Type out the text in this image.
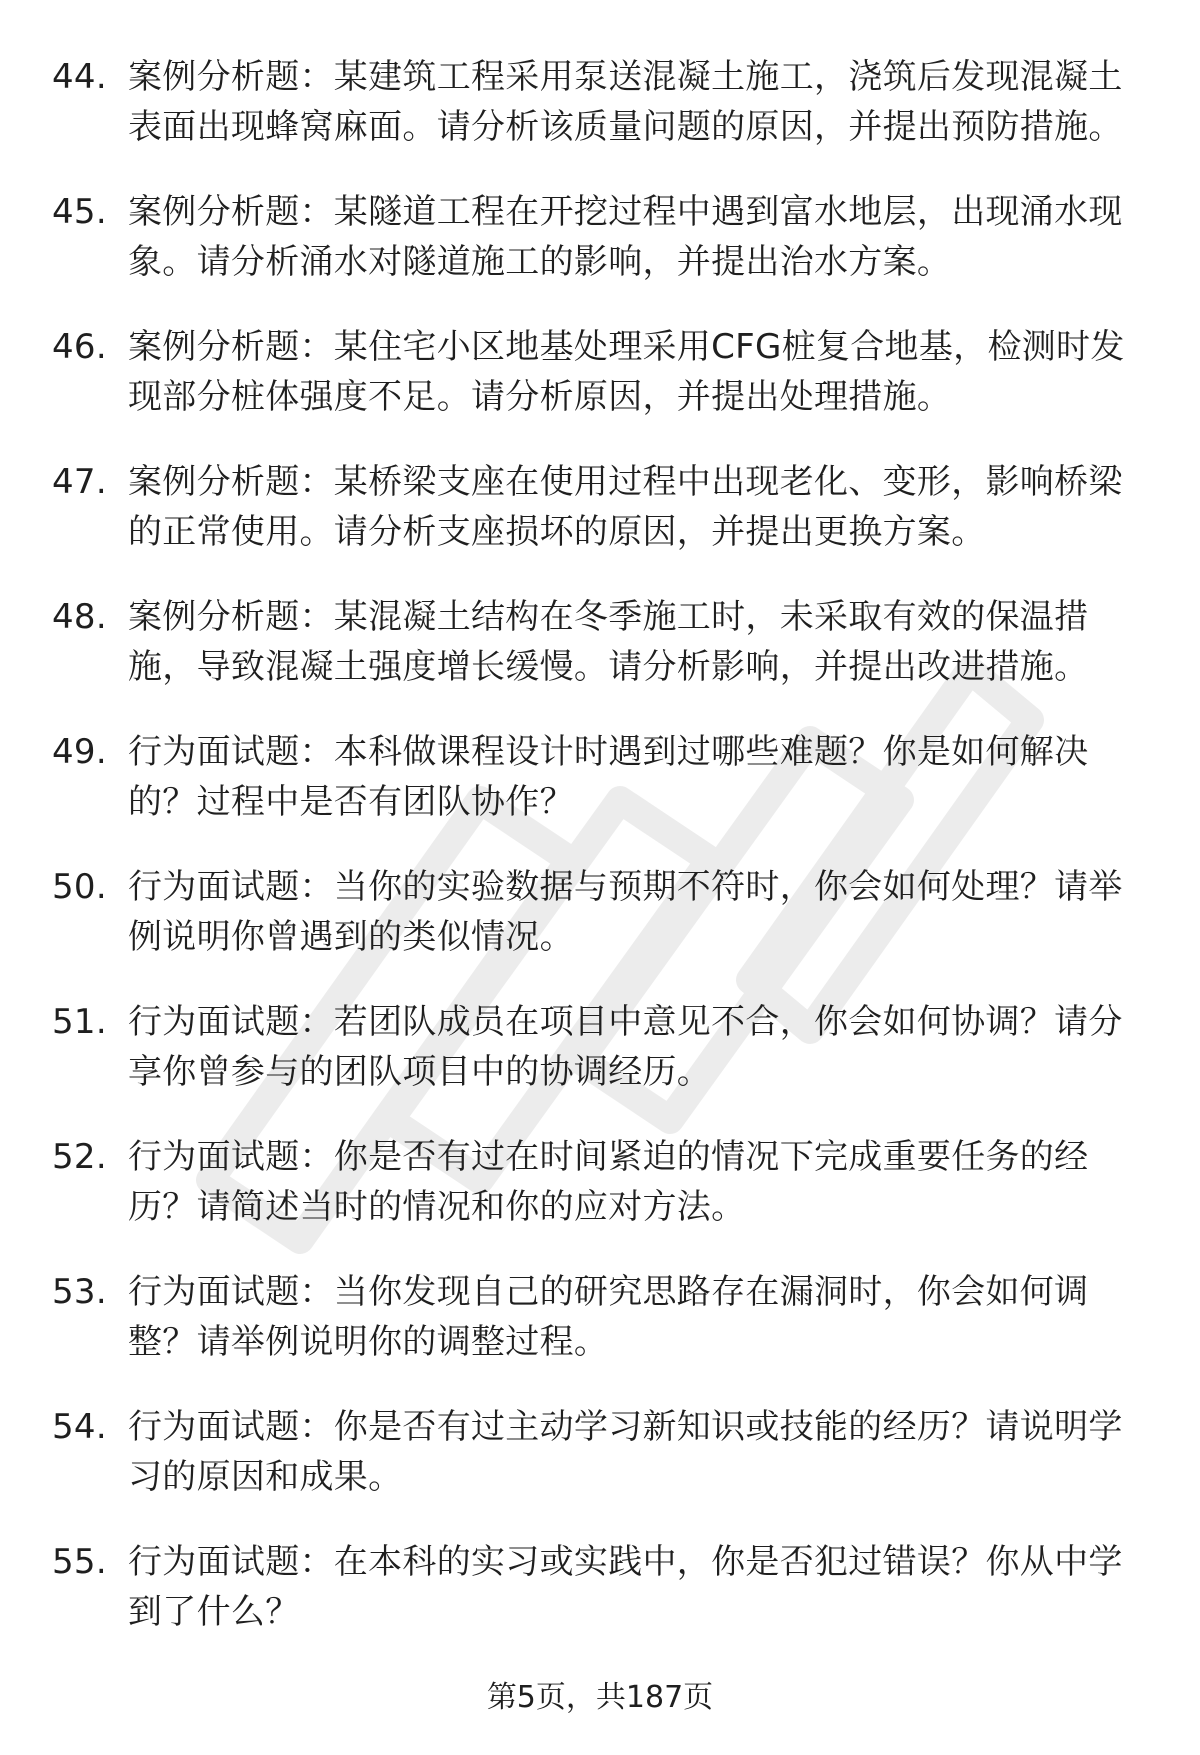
44. 案例分析题：某建筑工程采用泵送混凝土施工，浇筑后发现混凝土表面出现蜂窝麻面。请分析该质量问题的原因，并提出预防措施。
45. 案例分析题：某隧道工程在开挖过程中遇到富水地层，出现涌水现象。请分析涌水对隧道施工的影响，并提出治水方案。
46. 案例分析题：某住宅小区地基处理采用CFG桩复合地基，检测时发现部分桩体强度不足。请分析原因，并提出处理措施。
47. 案例分析题：某桥梁支座在使用过程中出现老化、变形，影响桥梁的正常使用。请分析支座损坏的原因，并提出更换方案。
48. 案例分析题：某混凝土结构在冬季施工时，未采取有效的保温措施，导致混凝土强度增长缓慢。请分析影响，并提出改进措施。
49. 行为面试题：本科做课程设计时遇到过哪些难题？你是如何解决的？过程中是否有团队协作？
50. 行为面试题：当你的实验数据与预期不符时，你会如何处理？请举例说明你曾遇到的类似情况。
51. 行为面试题：若团队成员在项目中意见不合，你会如何协调？请分享你曾参与的团队项目中的协调经历。
52. 行为面试题：你是否有过在时间紧迫的情况下完成重要任务的经历？请简述当时的情况和你的应对方法。
53. 行为面试题：当你发现自己的研究思路存在漏洞时，你会如何调整？请举例说明你的调整过程。
54. 行为面试题：你是否有过主动学习新知识或技能的经历？请说明学习的原因和成果。
55. 行为面试题：在本科的实习或实践中，你是否犯过错误？你从中学到了什么？
第5页，共187页
